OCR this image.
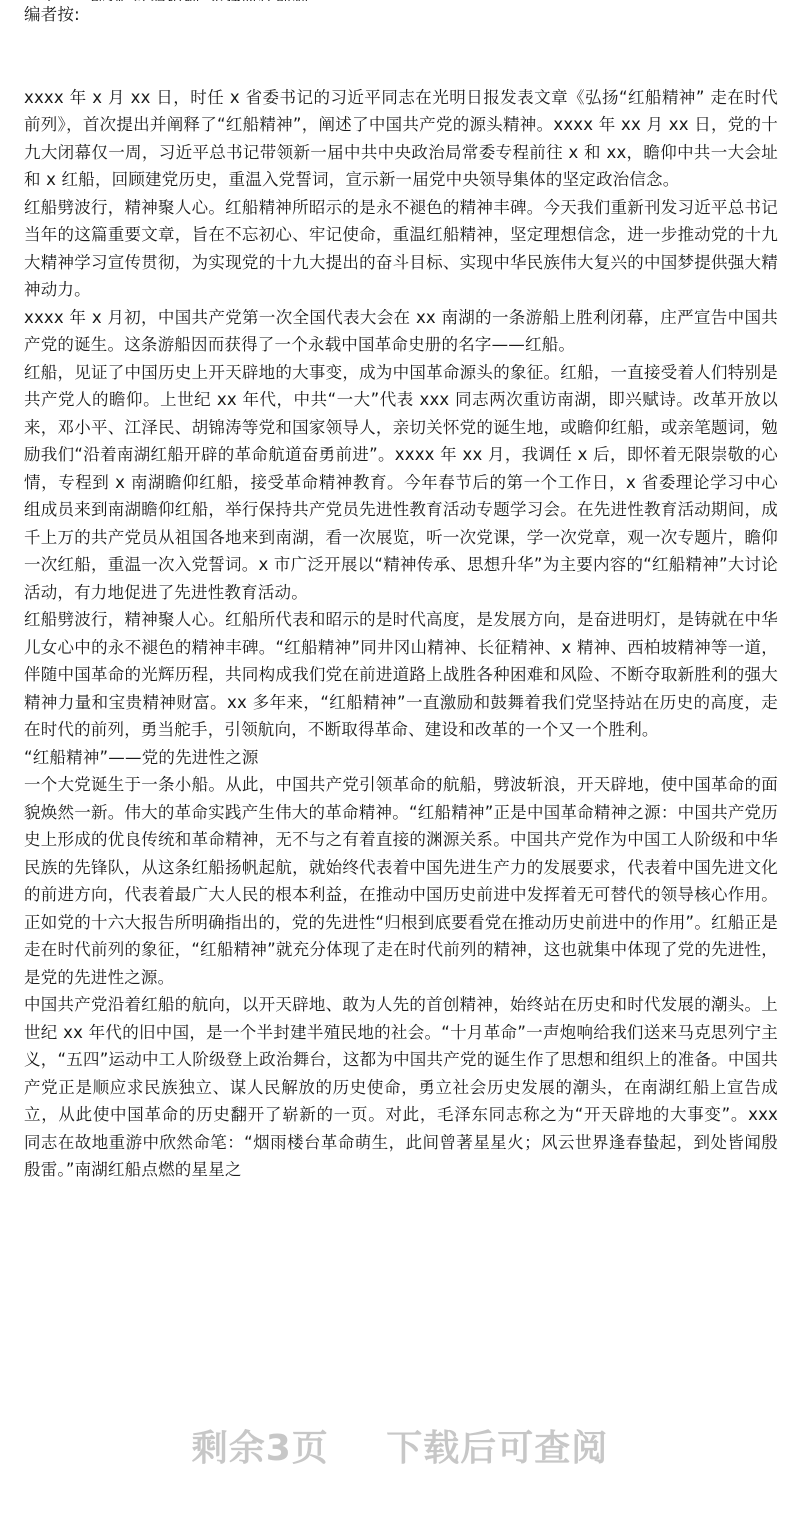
编者按:

xxxx 年 x 月 xx 日，时任 x 省委书记的习近平同志在光明日报发表文章《弘扬“红船精神” 走在时代前列》，首次提出并阐释了“红船精神”，阐述了中国共产党的源头精神。xxxx 年 xx 月 xx 日，党的十九大闭幕仅一周，习近平总书记带领新一届中共中央政治局常委专程前往 x 和 xx，瞻仰中共一大会址和 x 红船，回顾建党历史，重温入党誓词，宣示新一届党中央领导集体的坚定政治信念。

红船劈波行，精神聚人心。红船精神所昭示的是永不褪色的精神丰碑。今天我们重新刊发习近平总书记当年的这篇重要文章，旨在不忘初心、牢记使命，重温红船精神，坚定理想信念，进一步推动党的十九大精神学习宣传贯彻，为实现党的十九大提出的奋斗目标、实现中华民族伟大复兴的中国梦提供强大精神动力。

xxxx 年 x 月初，中国共产党第一次全国代表大会在 xx 南湖的一条游船上胜利闭幕，庄严宣告中国共产党的诞生。这条游船因而获得了一个永载中国革命史册的名字——红船。

红船，见证了中国历史上开天辟地的大事变，成为中国革命源头的象征。红船，一直接受着人们特别是共产党人的瞻仰。上世纪 xx 年代，中共“一大”代表 xxx 同志两次重访南湖，即兴赋诗。改革开放以来，邓小平、江泽民、胡锦涛等党和国家领导人，亲切关怀党的诞生地，或瞻仰红船，或亲笔题词，勉励我们“沿着南湖红船开辟的革命航道奋勇前进”。xxxx 年 xx 月，我调任 x 后，即怀着无限崇敬的心情，专程到 x 南湖瞻仰红船，接受革命精神教育。今年春节后的第一个工作日，x 省委理论学习中心组成员来到南湖瞻仰红船，举行保持共产党员先进性教育活动专题学习会。在先进性教育活动期间，成千上万的共产党员从祖国各地来到南湖，看一次展览，听一次党课，学一次党章，观一次专题片，瞻仰一次红船，重温一次入党誓词。x 市广泛开展以“精神传承、思想升华”为主要内容的“红船精神”大讨论活动，有力地促进了先进性教育活动。

红船劈波行，精神聚人心。红船所代表和昭示的是时代高度，是发展方向，是奋进明灯，是铸就在中华儿女心中的永不褪色的精神丰碑。“红船精神”同井冈山精神、长征精神、x 精神、西柏坡精神等一道，伴随中国革命的光辉历程，共同构成我们党在前进道路上战胜各种困难和风险、不断夺取新胜利的强大精神力量和宝贵精神财富。xx 多年来，“红船精神”一直激励和鼓舞着我们党坚持站在历史的高度，走在时代的前列，勇当舵手，引领航向，不断取得革命、建设和改革的一个又一个胜利。

“红船精神”——党的先进性之源

一个大党诞生于一条小船。从此，中国共产党引领革命的航船，劈波斩浪，开天辟地，使中国革命的面貌焕然一新。伟大的革命实践产生伟大的革命精神。“红船精神”正是中国革命精神之源：中国共产党历史上形成的优良传统和革命精神，无不与之有着直接的渊源关系。中国共产党作为中国工人阶级和中华民族的先锋队，从这条红船扬帆起航，就始终代表着中国先进生产力的发展要求，代表着中国先进文化的前进方向，代表着最广大人民的根本利益，在推动中国历史前进中发挥着无可替代的领导核心作用。正如党的十六大报告所明确指出的，党的先进性“归根到底要看党在推动历史前进中的作用”。红船正是走在时代前列的象征，“红船精神”就充分体现了走在时代前列的精神，这也就集中体现了党的先进性，是党的先进性之源。

中国共产党沿着红船的航向，以开天辟地、敢为人先的首创精神，始终站在历史和时代发展的潮头。上世纪 xx 年代的旧中国，是一个半封建半殖民地的社会。“十月革命”一声炮响给我们送来马克思列宁主义，“五四”运动中工人阶级登上政治舞台，这都为中国共产党的诞生作了思想和组织上的准备。中国共产党正是顺应求民族独立、谋人民解放的历史使命，勇立社会历史发展的潮头，在南湖红船上宣告成立，从此使中国革命的历史翻开了崭新的一页。对此，毛泽东同志称之为“开天辟地的大事变”。xxx 同志在故地重游中欣然命笔：“烟雨楼台革命萌生，此间曾著星星火；风云世界逢春蛰起，到处皆闻殷殷雷。”南湖红船点燃的星星之

剩余3页 下载后可查阅
